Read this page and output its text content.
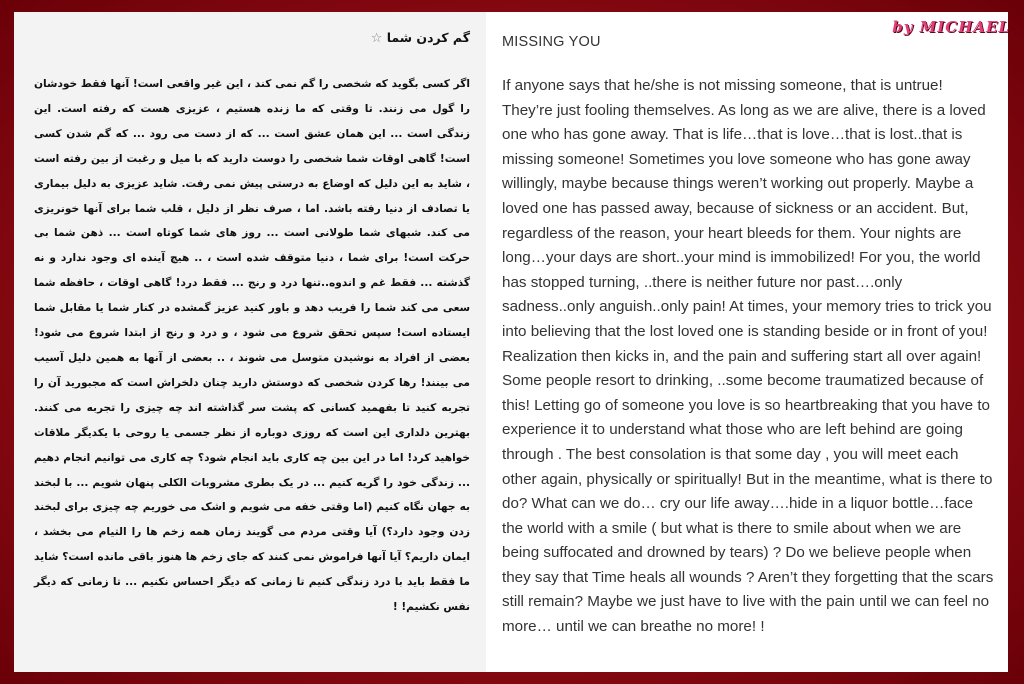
گم کردن شما ☆
اگر کسی بگوید که شخصی را گم نمی کند ، این غیر واقعی است! آنها فقط خودشان را گول می زنند. تا وقتی که ما زنده هستیم ، عزیزی هست که رفته است. این زندگی است ... این همان عشق است ... که از دست می رود ... که گم شدن کسی است! گاهی اوقات شما شخصی را دوست دارید که با میل و رغبت از بین رفته است ، شاید به این دلیل که اوضاع به درستی پیش نمی رفت. شاید عزیزی به دلیل بیماری یا تصادف از دنیا رفته باشد. اما ، صرف نظر از دلیل ، قلب شما برای آنها خونریزی می کند. شبهای شما طولانی است ... روز های شما کوتاه است ... ذهن شما بی حرکت است! برای شما ، دنیا متوقف شده است ، .. هیچ آینده ای وجود ندارد و نه گذشته ... فقط غم و اندوه..تنها درد و رنج ... فقط درد! گاهی اوقات ، حافظه شما سعی می کند شما را فریب دهد و باور کنید عزیز گمشده در کنار شما یا مقابل شما ایستاده است! سپس تحقق شروع می شود ، و درد و رنج از ابتدا شروع می شود! بعضی از افراد به نوشیدن متوسل می شوند ، .. بعضی از آنها به همین دلیل آسیب می بینند! رها کردن شخصی که دوستش دارید چنان دلخراش است که مجبورید آن را تجربه کنید تا بفهمید کسانی که پشت سر گذاشته اند چه چیزی را تجربه می کنند. بهترین دلداری این است که روزی دوباره از نظر جسمی یا روحی با یکدیگر ملاقات خواهید کرد! اما در این بین چه کاری باید انجام شود؟ چه کاری می توانیم انجام دهیم ... زندگی خود را گریه کنیم ... در یک بطری مشروبات الکلی پنهان شویم ... با لبخند به جهان نگاه کنیم (اما وقتی خفه می شویم و اشک می خوریم چه چیزی برای لبخند زدن وجود دارد؟) آیا وقتی مردم می گویند زمان همه زخم ها را التیام می بخشد ، ایمان داریم؟ آیا آنها فراموش نمی کنند که جای زخم ها هنوز باقی مانده است؟ شاید ما فقط باید با درد زندگی کنیم تا زمانی که دیگر احساس نکنیم ... تا زمانی که دیگر نفس نکشیم! !
MISSING YOU
If anyone says that he/she is not missing someone, that is untrue! They’re just fooling themselves. As long as we are alive, there is a loved one who has gone away. That is life…that is love…that is lost..that is missing someone! Sometimes you love someone who has gone away willingly, maybe because things weren’t working out properly. Maybe a loved one has passed away, because of sickness or an accident. But, regardless of the reason, your heart bleeds for them. Your nights are long…your days are short..your mind is immobilized! For you, the world has stopped turning, ..there is neither future nor past….only sadness..only anguish..only pain! At times, your memory tries to trick you into believing that the lost loved one is standing beside or in front of you! Realization then kicks in, and the pain and suffering start all over again! Some people resort to drinking, ..some become traumatized because of this! Letting go of someone you love is so heartbreaking that you have to experience it to understand what those who are left behind are going through . The best consolation is that some day , you will meet each other again, physically or spiritually! But in the meantime, what is there to do? What can we do… cry our life away….hide in a liquor bottle…face the world with a smile ( but what is there to smile about when we are being suffocated and drowned by tears) ? Do we believe people when they say that Time heals all wounds ? Aren’t they forgetting that the scars still remain? Maybe we just have to live with the pain until we can feel no more… until we can breathe no more! !
by MICHAEL
